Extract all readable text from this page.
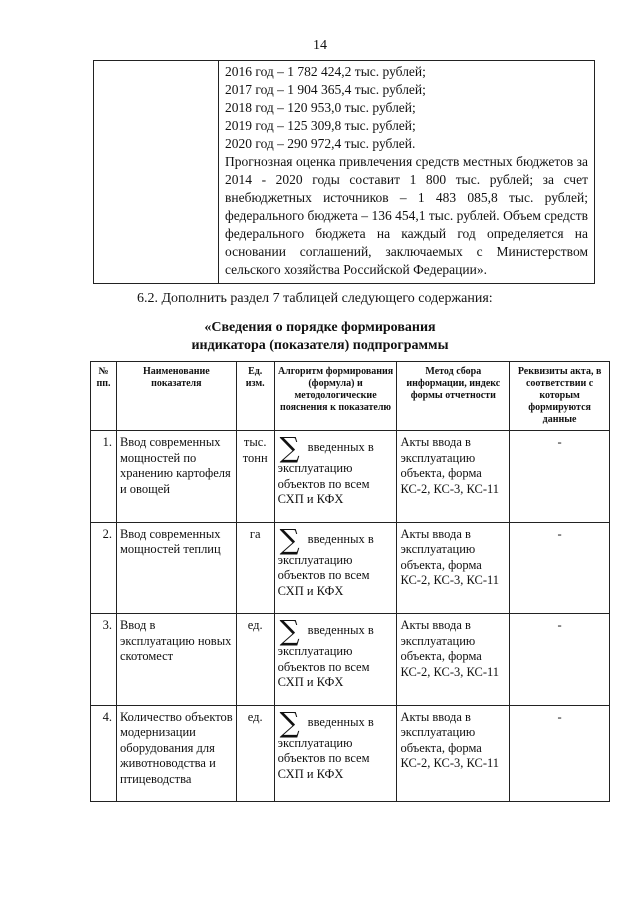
14

2016 год – 1 782 424,2 тыс. рублей;
2017 год – 1 904 365,4 тыс. рублей;
2018 год – 120 953,0 тыс. рублей;
2019 год – 125 309,8 тыс. рублей;
2020 год – 290 972,4 тыс. рублей.
Прогнозная оценка привлечения средств местных бюджетов за 2014 - 2020 годы составит 1 800 тыс. рублей; за счет внебюджетных источников – 1 483 085,8 тыс. рублей; федерального бюджета – 136 454,1 тыс. рублей. Объем средств федерального бюджета на каждый год определяется на основании соглашений, заключаемых с Министерством сельского хозяйства Российской Федерации».
6.2. Дополнить раздел 7 таблицей следующего содержания:
«Сведения о порядке формирования
индикатора (показателя) подпрограммы
№ пп.	Наименование показателя	Ед. изм.	Алгоритм формирования (формула) и методологические пояснения к показателю	Метод сбора информации, индекс формы отчетности	Реквизиты акта, в соответствии с которым формируются данные
1.	Ввод современных мощностей по хранению картофеля и овощей	тыс. тонн	∑ введенных в
эксплуатацию объектов по всем СХП и КФХ	Акты ввода в эксплуатацию объекта, форма КС-2, КС-3, КС-11	-
2.	Ввод современных мощностей теплиц	га	∑ введенных в
эксплуатацию объектов по всем СХП и КФХ	Акты ввода в эксплуатацию объекта, форма КС-2, КС-3, КС-11	-
3.	Ввод в эксплуатацию новых скотомест	ед.	∑ введенных в
эксплуатацию объектов по всем СХП и КФХ	Акты ввода в эксплуатацию объекта, форма КС-2, КС-3, КС-11	-
4.	Количество объектов модернизации оборудования для животноводства и птицеводства	ед.	∑ введенных в
эксплуатацию объектов по всем СХП и КФХ	Акты ввода в эксплуатацию объекта, форма КС-2, КС-3, КС-11	-
